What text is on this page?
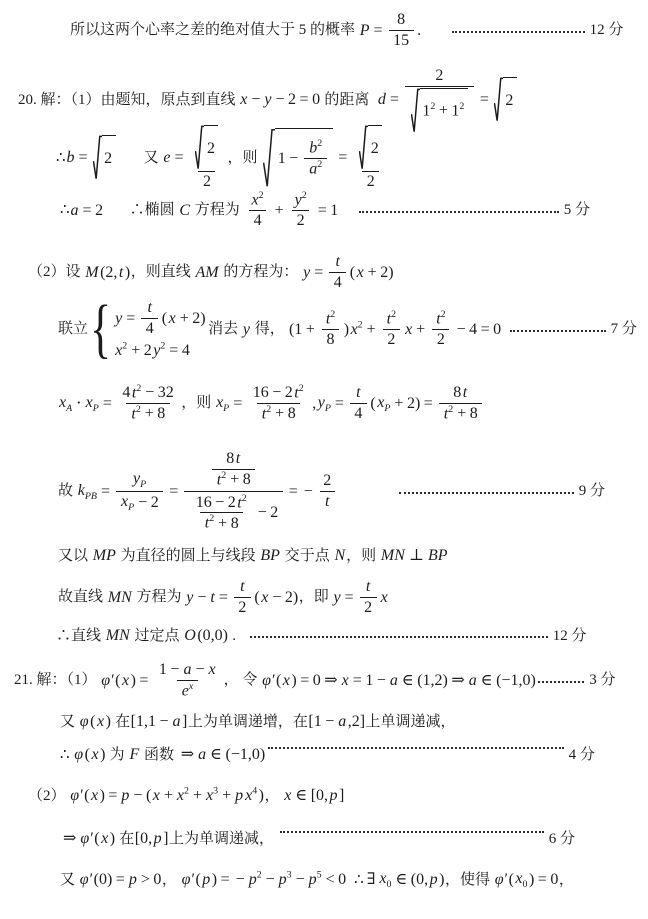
所以这两个心率之差的绝对值大于 5 的概率 $P = \frac{8}{15}$ .	12 分
20. 解：（1）由题知，原点到直线 x − y − 2 = 0 的距离 $d = \frac{2}{1^2 + 1^2} = 2$
∴ b = 2 又 $e = \frac{2}{2}$ ，则 $1 - \frac{b^2}{a^2} = \frac{2}{2}$
∴ a = 2 ∴椭圆 C 方程为 $\frac{x^2}{4} + \frac{y^2}{2} = 1$	5 分
（2）设 M (2, t ) ，则直线 AM 的方程为： $y = \frac{t}{4}$ ( x + 2)
联立 { $y = \frac{t}{4}$ ( x + 2)
$x^2 + 2$ $y^2 = 4$
消去 y 得， ($1 + \frac{t^2}{8}$ ) $x^2 + \frac{t^2}{2}$ $x + \frac{t^2}{2} - 4 = 0$	7 分
$x_A \cdot x_P = \frac{4 t^2 - 32}{t^2 + 8}$ ，则 $x_P = \frac{16 - 2 t^2}{t^2 + 8}$ , $y_P = \frac{t}{4}$ ( $x_P + 2) = \frac{8 t}{t^2 + 8}$
故 $k_{PB} = \frac{y_P}{x_P - 2} = \frac{\frac{8 t}{t^2 + 8}}{\frac{16 - 2 t^2}{t^2 + 8} - 2}$ = − $\frac{2}{t}$	9 分
又以 MP 为直径的圆上与线段 BP 交于点 N ，则 MN ⊥ BP
故直线 MN 方程为 $y - t = \frac{t}{2}$ ( x − 2) ，即 $y = \frac{t}{2}$ x
∴直线 MN 过定点 O (0,0) .	12 分
21. 解：（1） φ′ ( x ) = $\frac{1 - a - x}{e^x}$ ， 令 φ′ ( x ) = 0 ⇒ x = 1 − a ∈ (1,2) ⇒ a ∈ (−1,0)	3 分
又 φ ( x ) 在 [1,1 − a ] 上为单调递增，在 [1 − a ,2] 上单调递减，
∴ φ ( x ) 为 F 函数 ⇒ a ∈ (−1,0)	4 分
（2） φ′ ( x ) = p − ( $x + x^2 + x^3 + p$ $x^4$ ) ， x ∈ [0, p ]
⇒ φ′ ( x ) 在 [0, p ] 上为单调递减，	6 分
又 φ′ (0) = p > 0 ， φ′ ( p ) = − $p^2 - p^3 - p^5 < 0$ ∴ ∃ $x_0$ ∈ (0, p ) ，使得 φ′ ( $x_0$ ) = 0 ，
